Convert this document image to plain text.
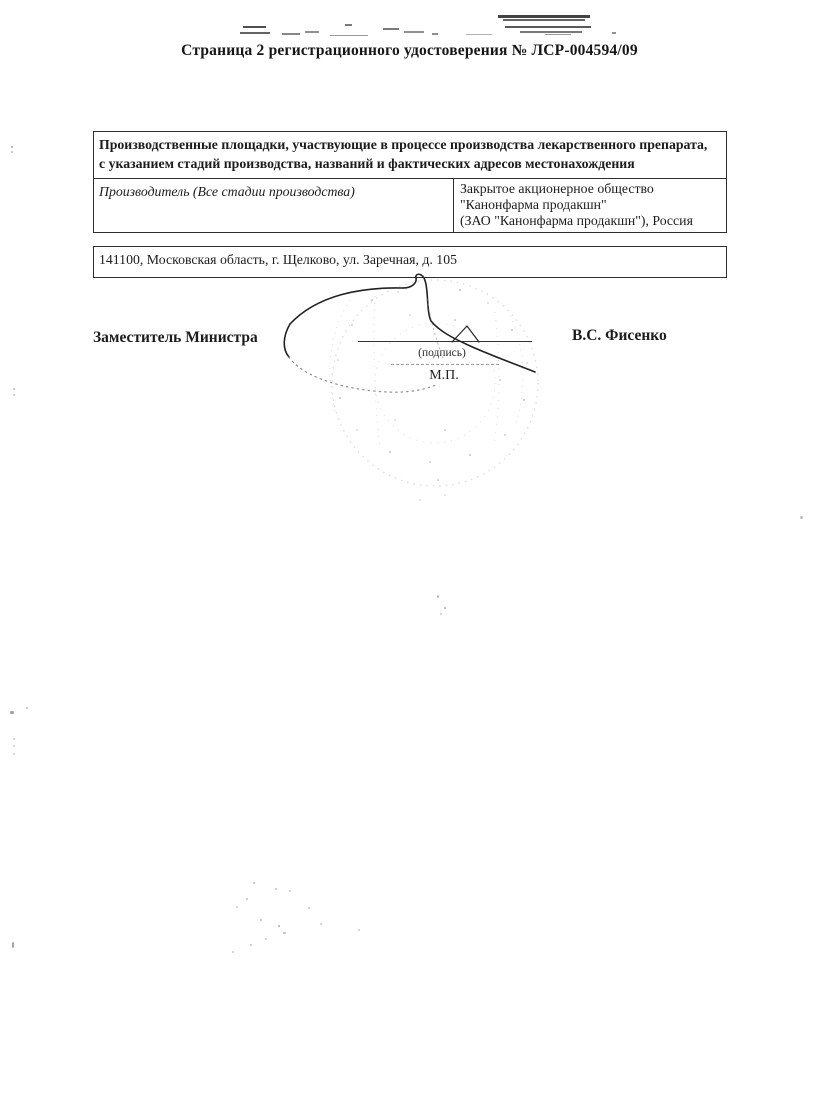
Страница 2 регистрационного удостоверения № ЛСР-004594/09
Производственные площадки, участвующие в процессе производства лекарственного препарата, с указанием стадий производства, названий и фактических адресов местонахождения
Производитель (Все стадии производства)	Закрытое акционерное общество
"Канонфарма продакшн"
(ЗАО "Канонфарма продакшн"), Россия
141100, Московская область, г. Щелково, ул. Заречная, д. 105
Заместитель Министра	В.С. Фисенко
(подпись)
М.П.
